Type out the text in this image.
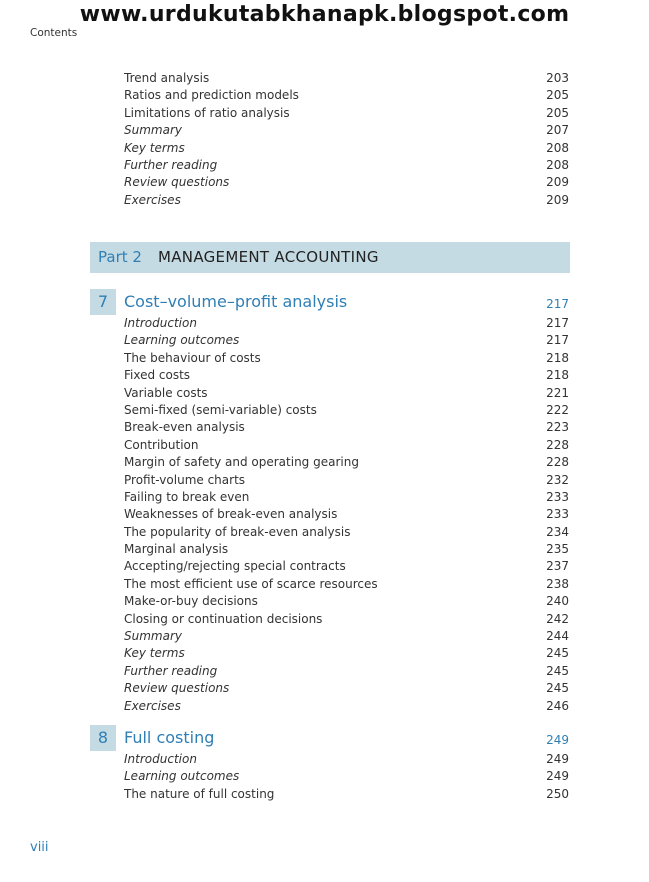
www.urdukutabkhanapk.blogspot.com
Contents
Trend analysis	203
Ratios and prediction models	205
Limitations of ratio analysis	205
Summary	207
Key terms	208
Further reading	208
Review questions	209
Exercises	209
Part 2 MANAGEMENT ACCOUNTING
7 Cost–volume–profit analysis	217
Introduction	217
Learning outcomes	217
The behaviour of costs	218
Fixed costs	218
Variable costs	221
Semi-fixed (semi-variable) costs	222
Break-even analysis	223
Contribution	228
Margin of safety and operating gearing	228
Profit-volume charts	232
Failing to break even	233
Weaknesses of break-even analysis	233
The popularity of break-even analysis	234
Marginal analysis	235
Accepting/rejecting special contracts	237
The most efficient use of scarce resources	238
Make-or-buy decisions	240
Closing or continuation decisions	242
Summary	244
Key terms	245
Further reading	245
Review questions	245
Exercises	246
8 Full costing	249
Introduction	249
Learning outcomes	249
The nature of full costing	250
viii
